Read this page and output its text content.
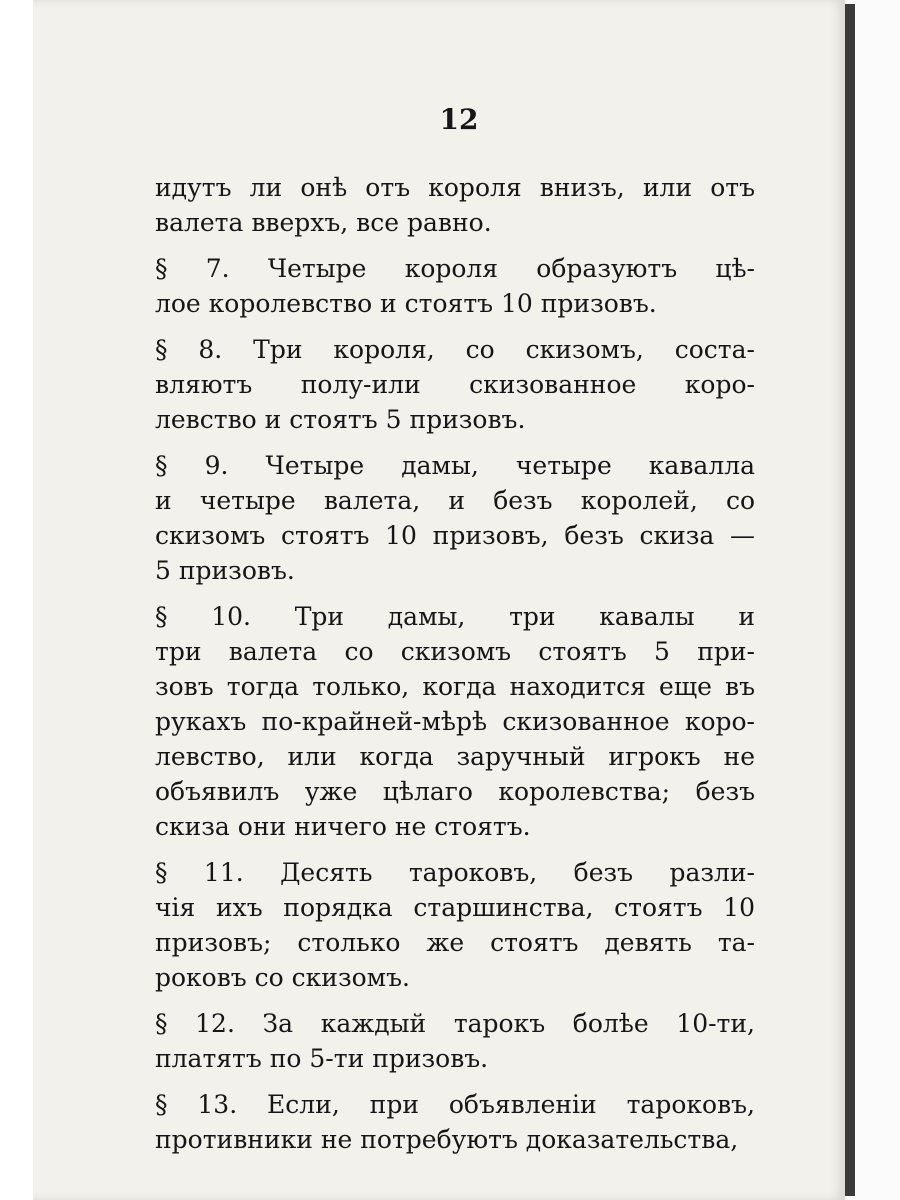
12
идутъ ли онѣ отъ короля внизъ, или отъ
валета вверхъ, все равно.
§ 7. Четыре короля образуютъ цѣ-
лое королевство и стоятъ 10 призовъ.
§ 8. Три короля, со скизомъ, соста-
вляютъ полу-или скизованное коро-
левство и стоятъ 5 призовъ.
§ 9. Четыре дамы, четыре кавалла
и четыре валета, и безъ королей, со
скизомъ стоятъ 10 призовъ, безъ скиза —
5 призовъ.
§ 10. Три дамы, три кавалы и
три валета со скизомъ стоятъ 5 при-
зовъ тогда только, когда находится еще въ
рукахъ по-крайней-мѣрѣ скизованное коро-
левство, или когда заручный игрокъ не
объявилъ уже цѣлаго королевства; безъ
скиза они ничего не стоятъ.
§ 11. Десять тароковъ, безъ разли-
чія ихъ порядка старшинства, стоятъ 10
призовъ; столько же стоятъ девять та-
роковъ со скизомъ.
§ 12. За каждый тарокъ болѣе 10-ти,
платятъ по 5-ти призовъ.
§ 13. Если, при объявленіи тароковъ,
противники не потребуютъ доказательства,
